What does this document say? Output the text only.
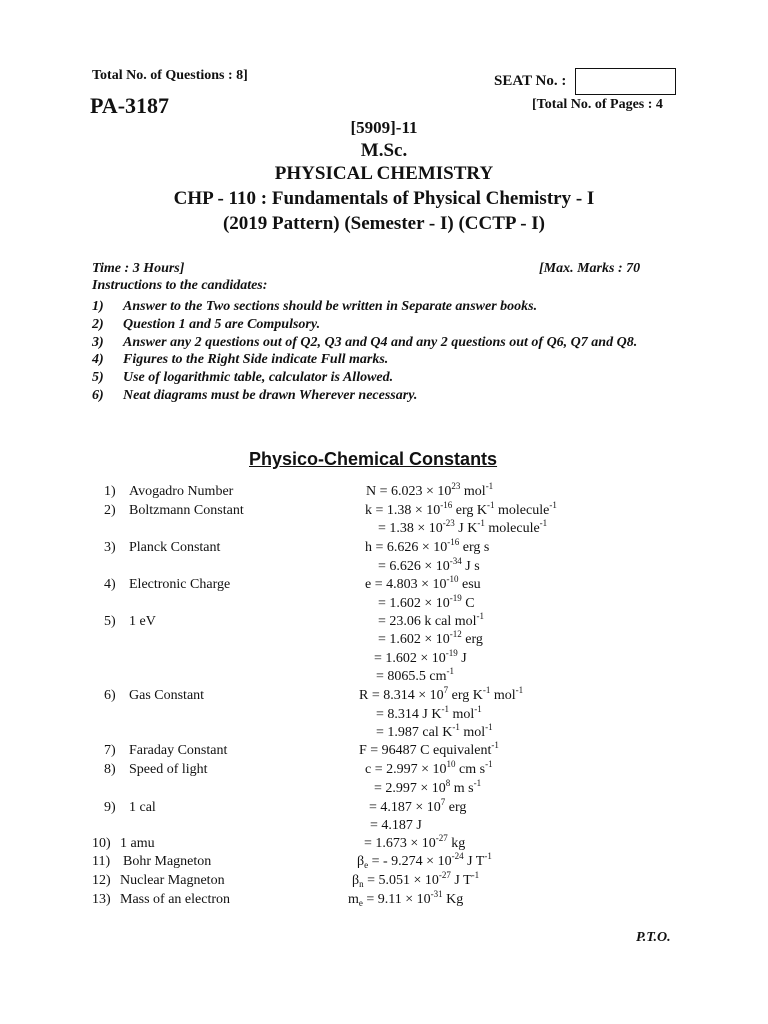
Total No. of Questions : 8]	SEAT No. :
PA-3187	[Total No. of Pages : 4
[5909]-11
M.Sc.
PHYSICAL CHEMISTRY
CHP - 110 : Fundamentals of Physical Chemistry - I
(2019 Pattern) (Semester - I) (CCTP - I)
Time : 3 Hours]	[Max. Marks : 70
Instructions to the candidates:
1)	Answer to the Two sections should be written in Separate answer books.
2)	Question 1 and 5 are Compulsory.
3)	Answer any 2 questions out of Q2, Q3 and Q4 and any 2 questions out of Q6, Q7 and Q8.
4)	Figures to the Right Side indicate Full marks.
5)	Use of logarithmic table, calculator is Allowed.
6)	Neat diagrams must be drawn Wherever necessary.
Physico-Chemical Constants
1) Avogadro Number	$N = 6.023 \times 10^{23}$ mol$^{-1}$
2) Boltzmann Constant	$k = 1.38 \times 10^{-16}$ erg $K^{-1}$ molecule$^{-1}$
= $1.38 \times 10^{-23}$ J $K^{-1}$ molecule$^{-1}$
3) Planck Constant	$h = 6.626 \times 10^{-16}$ erg s
= $6.626 \times 10^{-34}$ J s
4) Electronic Charge	$e = 4.803 \times 10^{-10}$ esu
= $1.602 \times 10^{-19}$ C
5) 1 eV	= 23.06 k cal mol$^{-1}$
= $1.602 \times 10^{-12}$ erg
= $1.602 \times 10^{-19}$ J
= 8065.5 $cm^{-1}$
6) Gas Constant	$R = 8.314 \times 10^7$ erg $K^{-1}$ mol$^{-1}$
= 8.314 J $K^{-1}$ mol$^{-1}$
= 1.987 cal $K^{-1}$ mol$^{-1}$
7) Faraday Constant	F = 96487 C equivalent$^{-1}$
8) Speed of light	$c = 2.997 \times 10^{10}$ cm $s^{-1}$
= $2.997 \times 10^8$ m $s^{-1}$
9) 1 cal	= $4.187 \times 10^7$ erg
= 4.187 J
10) 1 amu	= $1.673 \times 10^{-27}$ kg
11) Bohr Magneton	$\beta_e$ = - $9.274 \times 10^{-24}$ J $T^{-1}$
12) Nuclear Magneton	$\beta_n = 5.051 \times 10^{-27}$ J $T^{-1}$
13) Mass of an electron	$m_e = 9.11 \times 10^{-31}$ Kg
P.T.O.
